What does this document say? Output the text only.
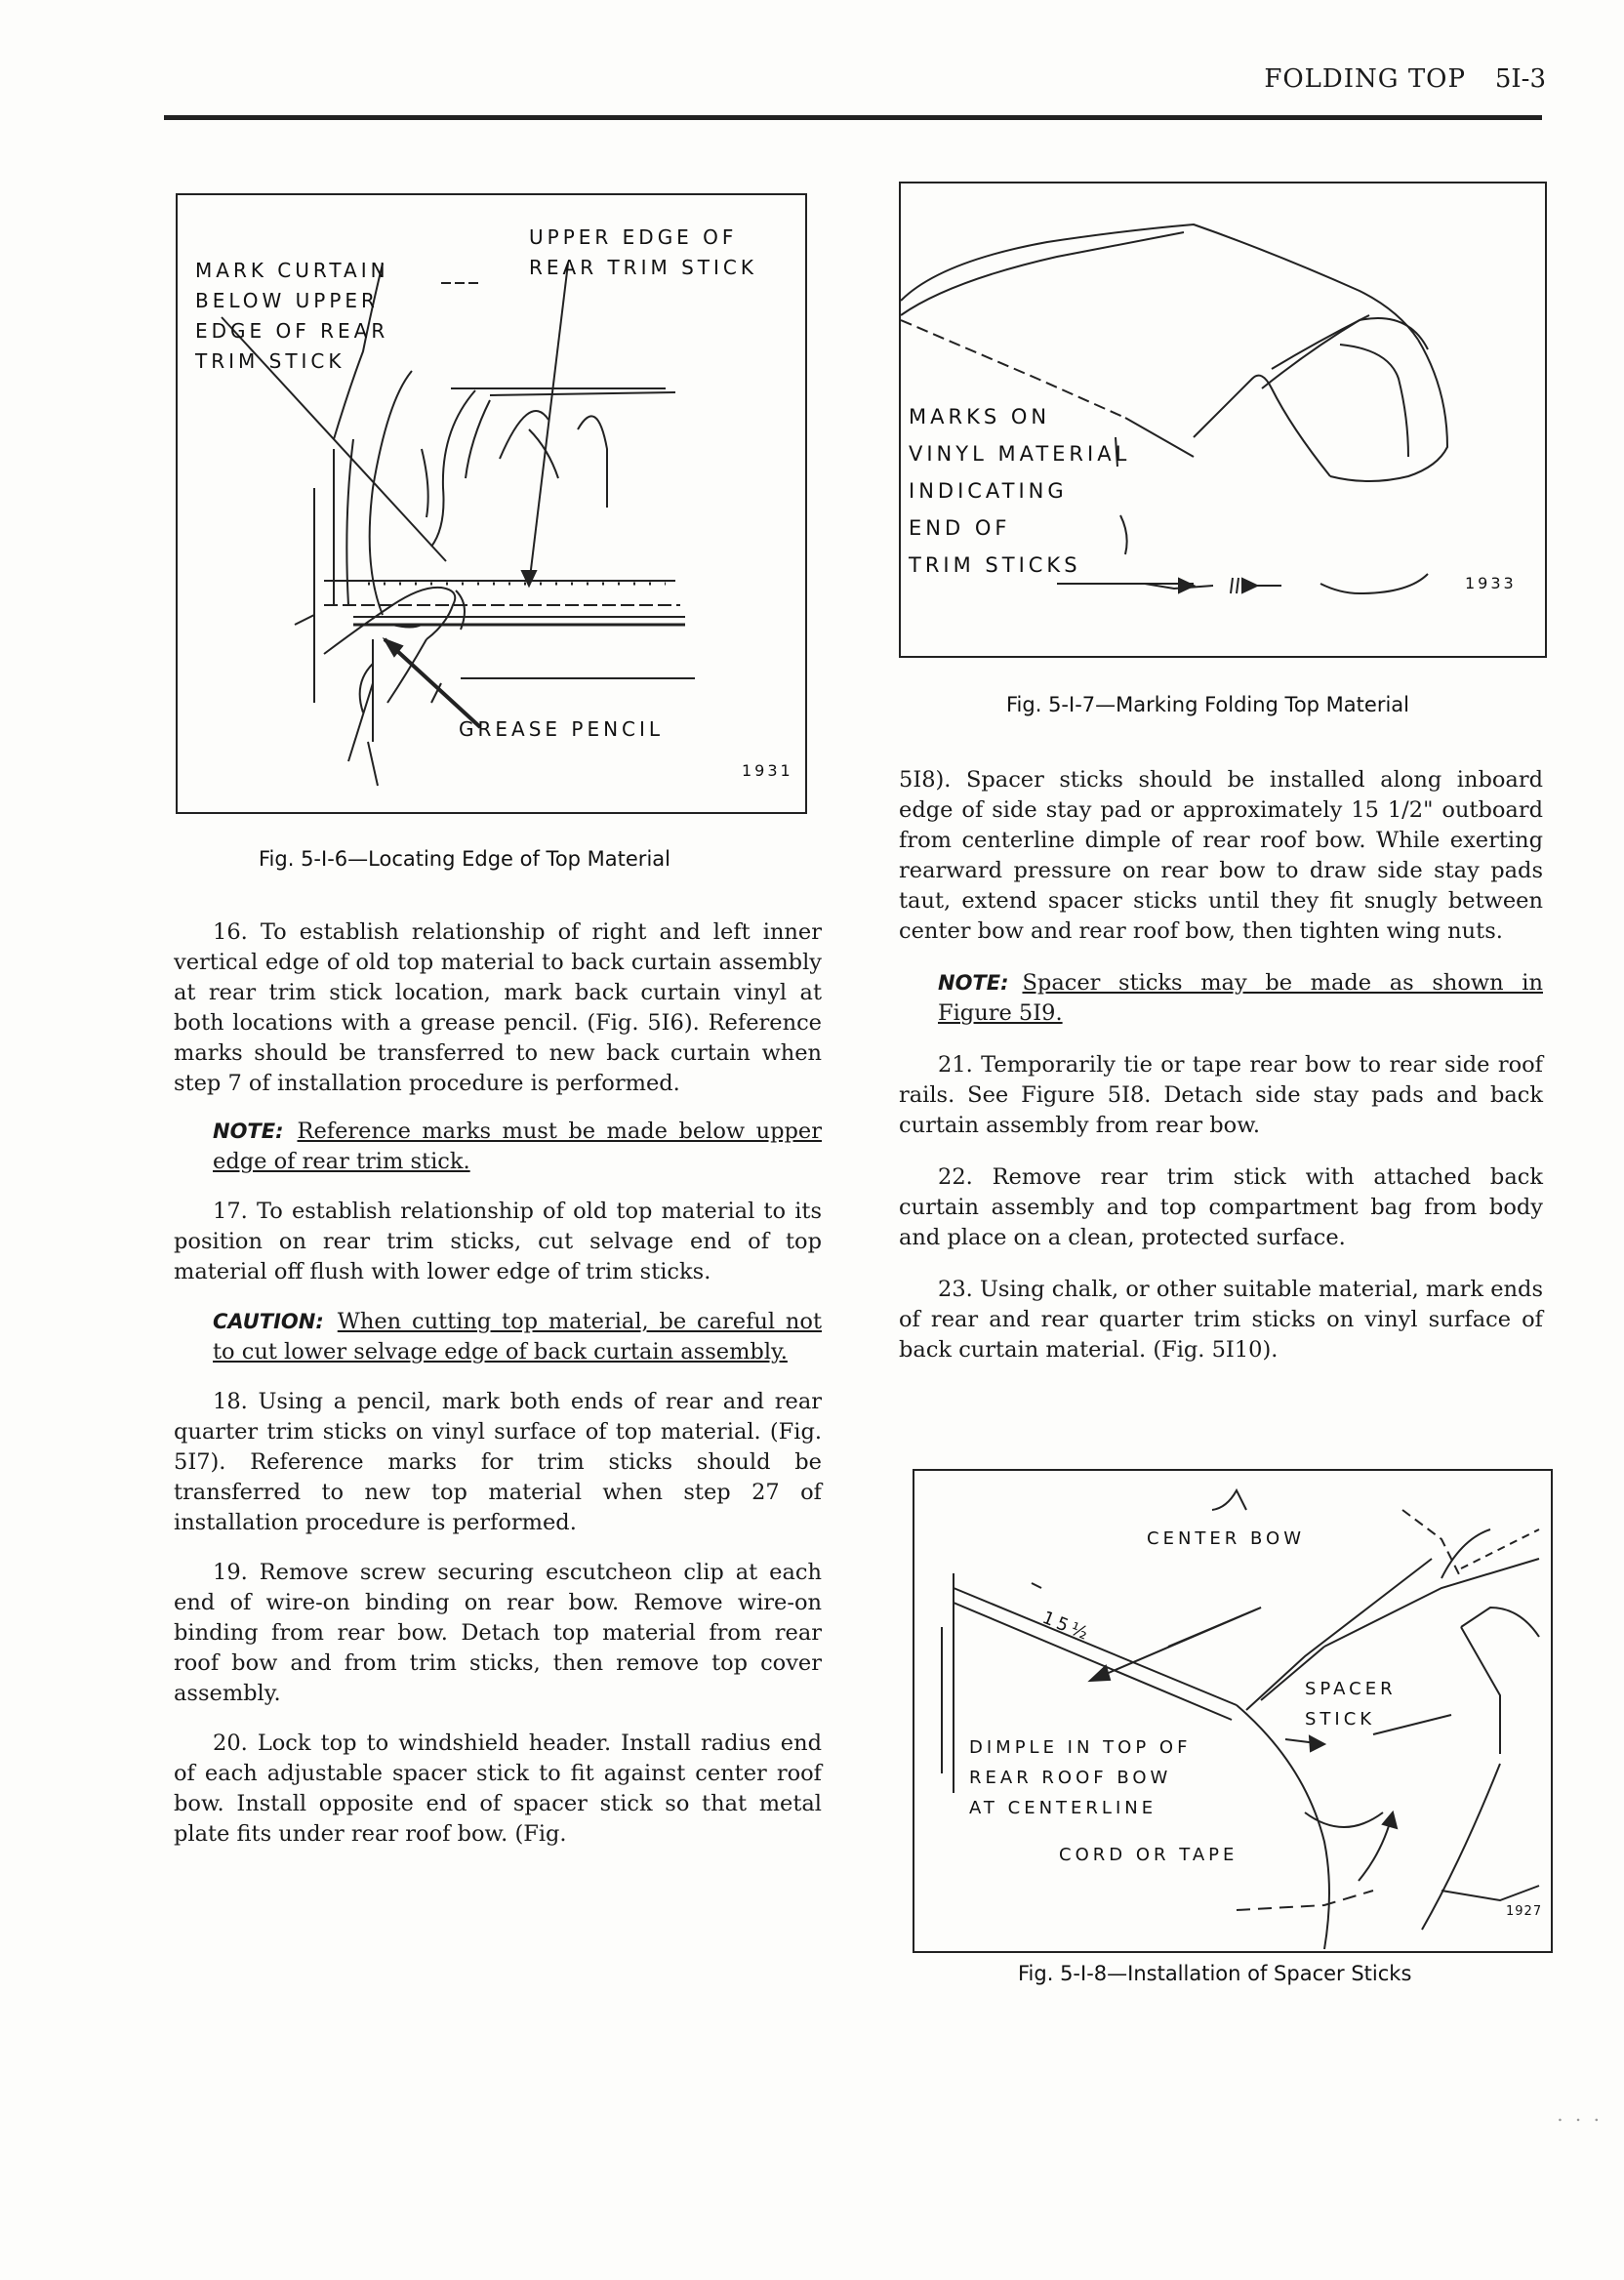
FOLDING TOP 5I-3
MARK CURTAIN
BELOW UPPER
EDGE OF REAR
TRIM STICK
UPPER EDGE OF
REAR TRIM STICK
GREASE PENCIL
1931
Fig. 5-I-6—Locating Edge of Top Material
MARKS ON
VINYL MATERIAL
INDICATING
END OF
TRIM STICKS
1933
Fig. 5-I-7—Marking Folding Top Material
CENTER BOW
15½
SPACER
STICK
DIMPLE IN TOP OF
REAR ROOF BOW
AT CENTERLINE
CORD OR TAPE
1927
Fig. 5-I-8—Installation of Spacer Sticks

16. To establish relationship of right and left inner vertical edge of old top material to back curtain assembly at rear trim stick location, mark back curtain vinyl at both locations with a grease pencil. (Fig. 5I6). Reference marks should be transferred to new back curtain when step 7 of installation procedure is performed.

NOTE: Reference marks must be made below upper edge of rear trim stick.

17. To establish relationship of old top material to its position on rear trim sticks, cut selvage end of top material off flush with lower edge of trim sticks.

CAUTION: When cutting top material, be careful not to cut lower selvage edge of back curtain assembly.

18. Using a pencil, mark both ends of rear and rear quarter trim sticks on vinyl surface of top material. (Fig. 5I7). Reference marks for trim sticks should be transferred to new top material when step 27 of installation procedure is performed.

19. Remove screw securing escutcheon clip at each end of wire-on binding on rear bow. Remove wire-on binding from rear bow. Detach top material from rear roof bow and from trim sticks, then remove top cover assembly.

20. Lock top to windshield header. Install radius end of each adjustable spacer stick to fit against center roof bow. Install opposite end of spacer stick so that metal plate fits under rear roof bow. (Fig.

5I8). Spacer sticks should be installed along inboard edge of side stay pad or approximately 15 1/2" outboard from centerline dimple of rear roof bow. While exerting rearward pressure on rear bow to draw side stay pads taut, extend spacer sticks until they fit snugly between center bow and rear roof bow, then tighten wing nuts.

NOTE: Spacer sticks may be made as shown in Figure 5I9.

21. Temporarily tie or tape rear bow to rear side roof rails. See Figure 5I8. Detach side stay pads and back curtain assembly from rear bow.

22. Remove rear trim stick with attached back curtain assembly and top compartment bag from body and place on a clean, protected surface.

23. Using chalk, or other suitable material, mark ends of rear and rear quarter trim sticks on vinyl surface of back curtain material. (Fig. 5I10).

. . .
